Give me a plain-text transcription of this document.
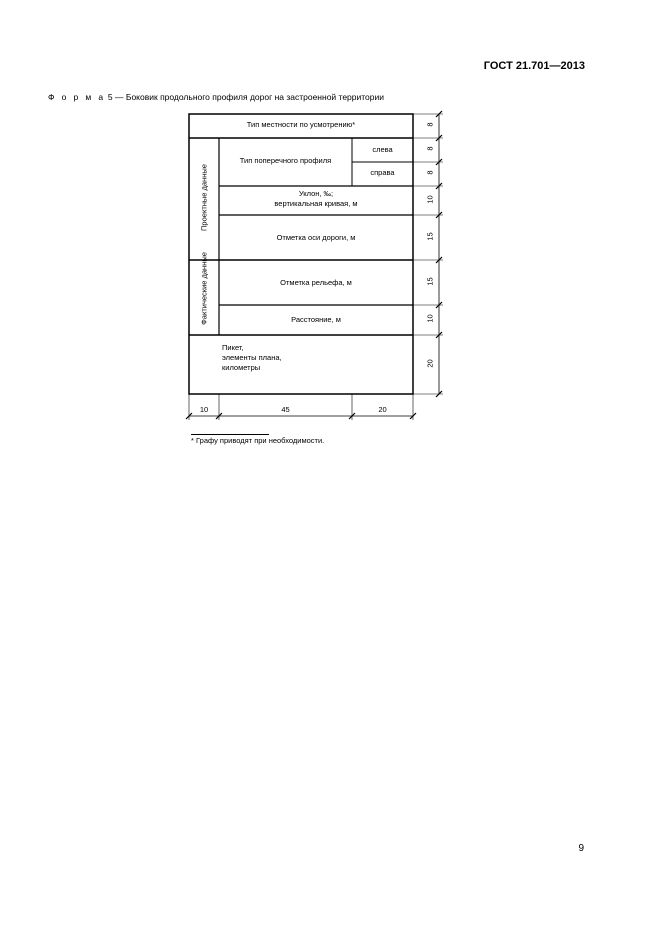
ГОСТ 21.701—2013
Ф о р м а 5 — Боковик продольного профиля дорог на застроенной территории
Тип местности по усмотрению*
Тип поперечного профиля
слева
справа
Уклон, ‰;
вертикальная кривая, м
Отметка оси дороги, м
Отметка рельефа, м
Расстояние, м
Пикет,
элементы плана,
километры
Проектные данные
Фактические данные
8
8
8
10
15
15
10
20
10	45	20
* Графу приводят при необходимости.
9
